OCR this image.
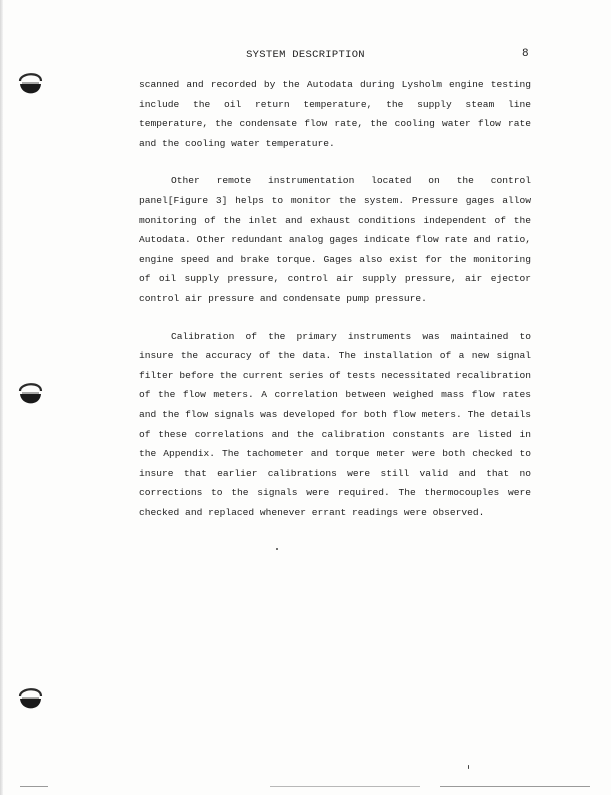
SYSTEM DESCRIPTION	8

scanned and recorded by the Autodata during Lysholm engine testing include the oil return temperature, the supply steam line temperature, the condensate flow rate, the cooling water flow rate and the cooling water temperature.

Other remote instrumentation located on the control panel[Figure 3] helps to monitor the system. Pressure gages allow monitoring of the inlet and exhaust conditions independent of the Autodata. Other redundant analog gages indicate flow rate and ratio, engine speed and brake torque. Gages also exist for the monitoring of oil supply pressure, control air supply pressure, air ejector control air pressure and condensate pump pressure.

Calibration of the primary instruments was maintained to insure the accuracy of the data. The installation of a new signal filter before the current series of tests necessitated recalibration of the flow meters. A correlation between weighed mass flow rates and the flow signals was developed for both flow meters. The details of these correlations and the calibration constants are listed in the Appendix. The tachometer and torque meter were both checked to insure that earlier calibrations were still valid and that no corrections to the signals were required. The thermocouples were checked and replaced whenever errant readings were observed.
